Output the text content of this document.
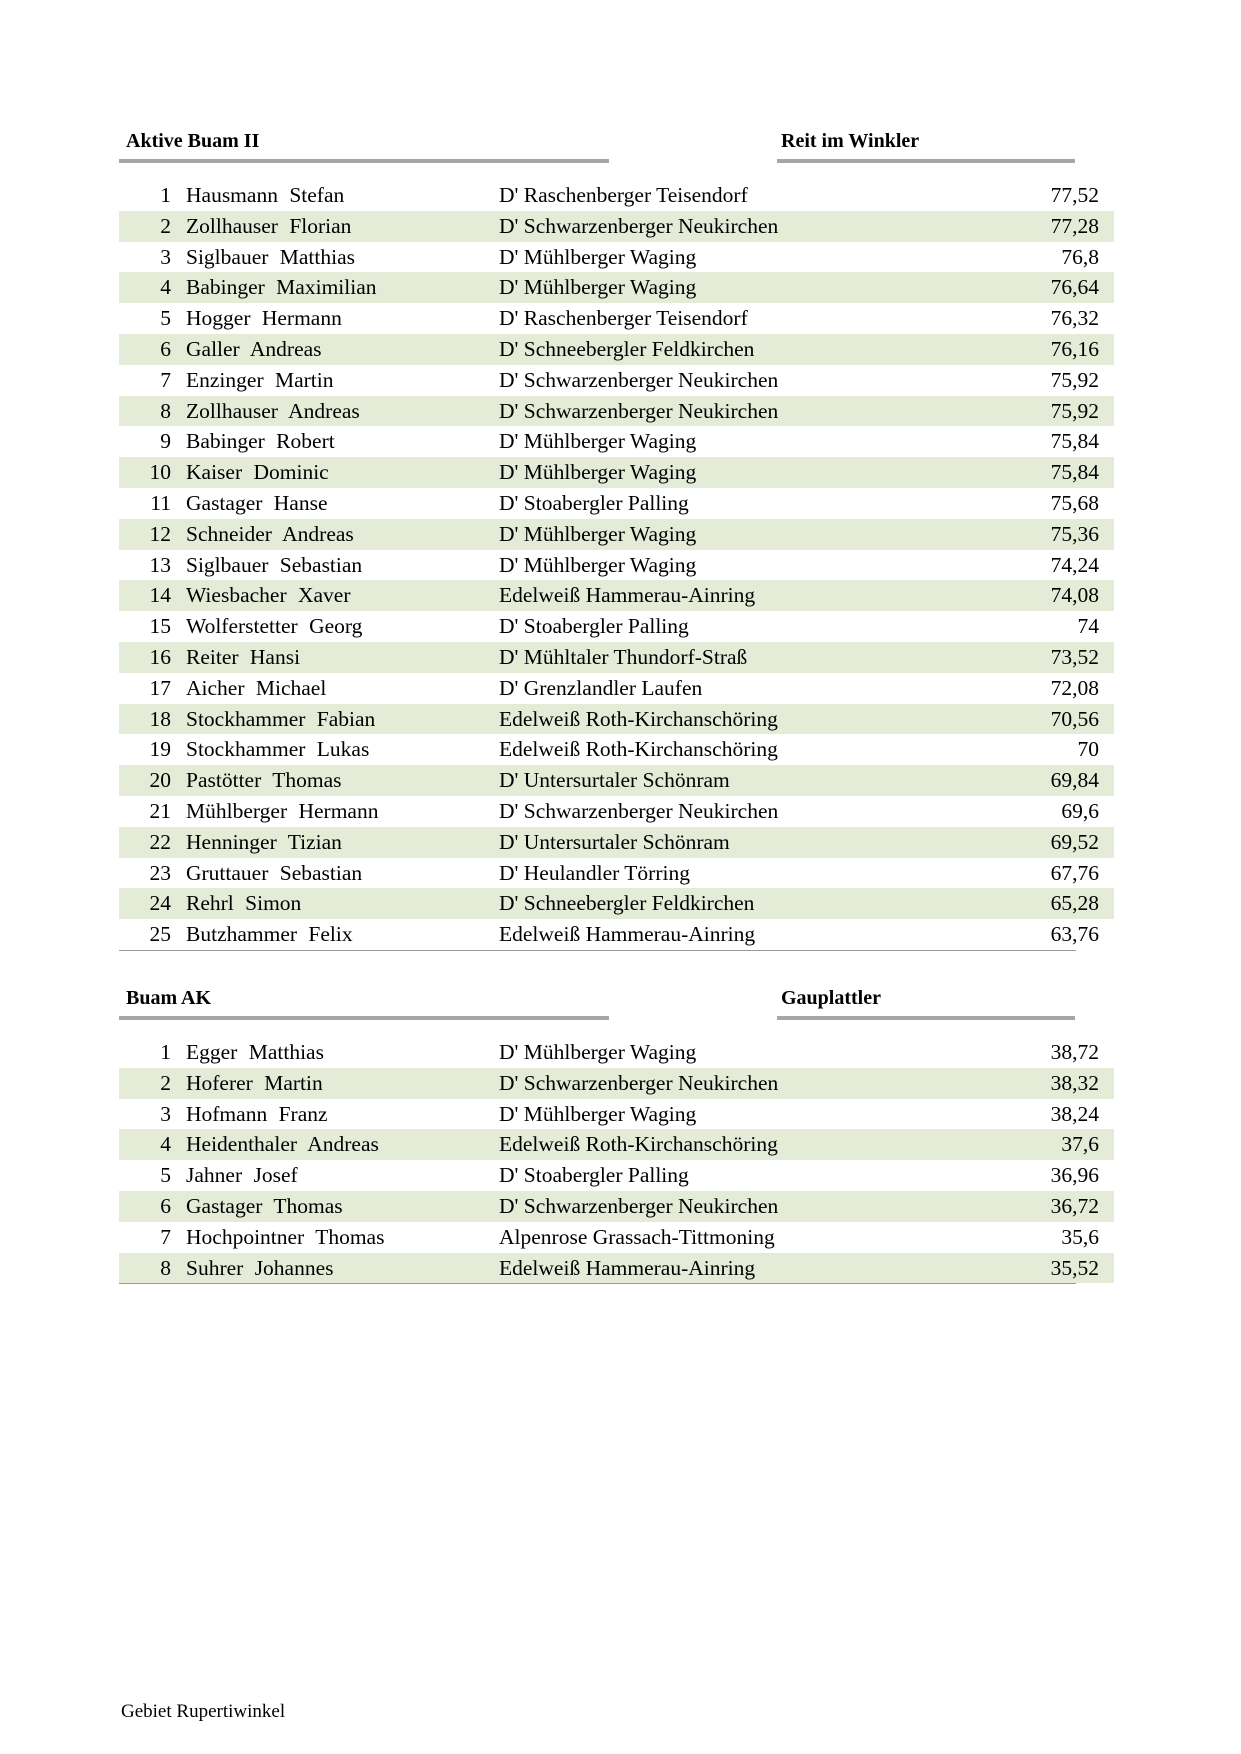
Aktive Buam II	Reit im Winkler
1 Hausmann Stefan	D' Raschenberger Teisendorf	77,52
2 Zollhauser Florian	D' Schwarzenberger Neukirchen	77,28
3 Siglbauer Matthias	D' Mühlberger Waging	76,8
4 Babinger Maximilian	D' Mühlberger Waging	76,64
5 Hogger Hermann	D' Raschenberger Teisendorf	76,32
6 Galler Andreas	D' Schneebergler Feldkirchen	76,16
7 Enzinger Martin	D' Schwarzenberger Neukirchen	75,92
8 Zollhauser Andreas	D' Schwarzenberger Neukirchen	75,92
9 Babinger Robert	D' Mühlberger Waging	75,84
10 Kaiser Dominic	D' Mühlberger Waging	75,84
11 Gastager Hanse	D' Stoabergler Palling	75,68
12 Schneider Andreas	D' Mühlberger Waging	75,36
13 Siglbauer Sebastian	D' Mühlberger Waging	74,24
14 Wiesbacher Xaver	Edelweiß Hammerau-Ainring	74,08
15 Wolferstetter Georg	D' Stoabergler Palling	74
16 Reiter Hansi	D' Mühltaler Thundorf-Straß	73,52
17 Aicher Michael	D' Grenzlandler Laufen	72,08
18 Stockhammer Fabian	Edelweiß Roth-Kirchanschöring	70,56
19 Stockhammer Lukas	Edelweiß Roth-Kirchanschöring	70
20 Pastötter Thomas	D' Untersurtaler Schönram	69,84
21 Mühlberger Hermann	D' Schwarzenberger Neukirchen	69,6
22 Henninger Tizian	D' Untersurtaler Schönram	69,52
23 Gruttauer Sebastian	D' Heulandler Törring	67,76
24 Rehrl Simon	D' Schneebergler Feldkirchen	65,28
25 Butzhammer Felix	Edelweiß Hammerau-Ainring	63,76
Buam AK	Gauplattler
1 Egger Matthias	D' Mühlberger Waging	38,72
2 Hoferer Martin	D' Schwarzenberger Neukirchen	38,32
3 Hofmann Franz	D' Mühlberger Waging	38,24
4 Heidenthaler Andreas	Edelweiß Roth-Kirchanschöring	37,6
5 Jahner Josef	D' Stoabergler Palling	36,96
6 Gastager Thomas	D' Schwarzenberger Neukirchen	36,72
7 Hochpointner Thomas	Alpenrose Grassach-Tittmoning	35,6
8 Suhrer Johannes	Edelweiß Hammerau-Ainring	35,52
Gebiet Rupertiwinkel
